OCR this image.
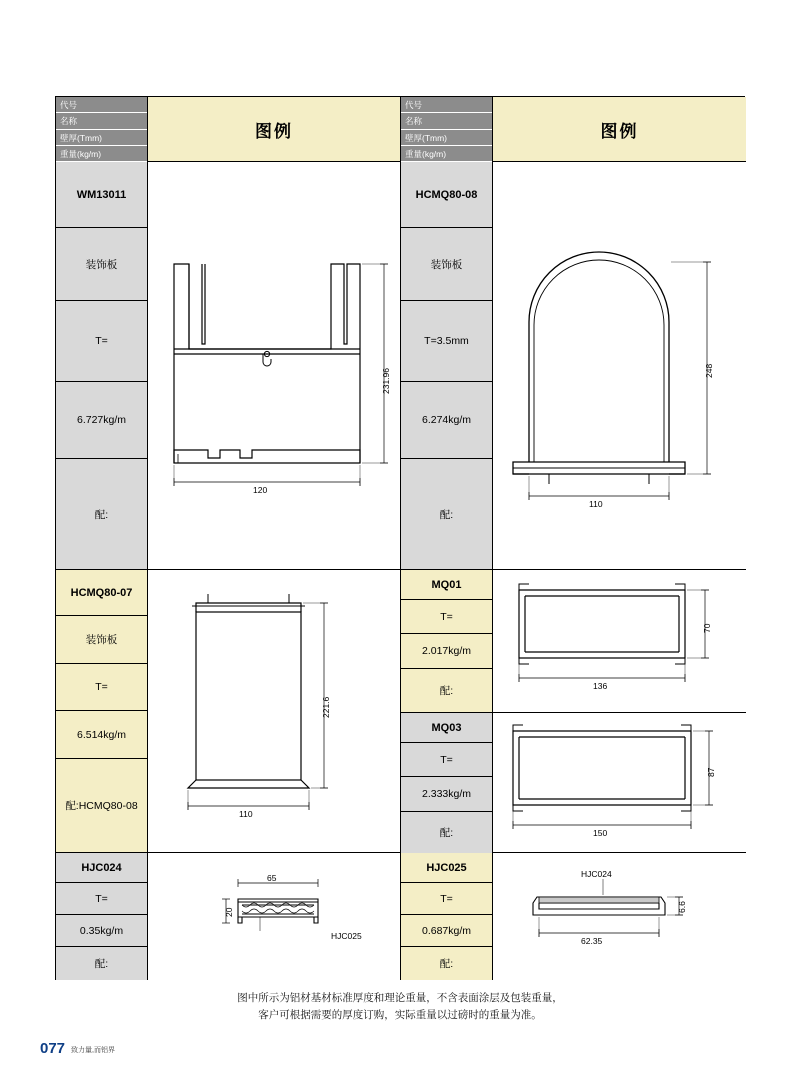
代号
名称
壁厚(Tmm)
重量(kg/m)
图例
WM13011
装饰板
T=
6.727kg/m
配:
231.96
120
HCMQ80-07
装饰板
T=
6.514kg/m
配:HCMQ80-08
221.6
110
HJC024
T=
0.35kg/m
配:
65
20
HJC025
代号
名称
壁厚(Tmm)
重量(kg/m)
图例
HCMQ80-08
装饰板
T=3.5mm
6.274kg/m
配:
248
110
MQ01
T=
2.017kg/m
配:
70
136
MQ03
T=
2.333kg/m
配:
87
150
HJC025
T=
0.687kg/m
配:
HJC024
6.6
62.35
图中所示为铝材基材标准厚度和理论重量，不含表面涂层及包装重量，
客户可根据需要的厚度订购，实际重量以过磅时的重量为准。
077 致力量,而铝界
